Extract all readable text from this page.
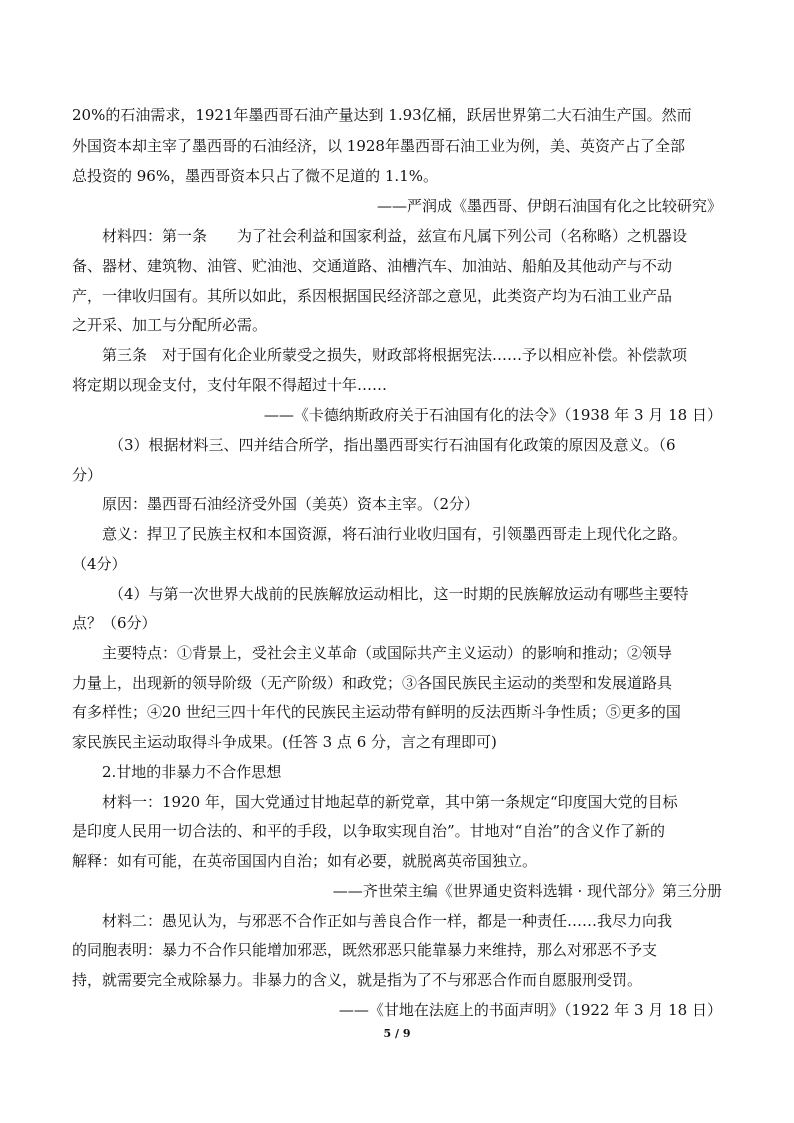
20%的石油需求，1921年墨西哥石油产量达到 1.93亿桶，跃居世界第二大石油生产国。然而
外国资本却主宰了墨西哥的石油经济，以 1928年墨西哥石油工业为例，美、英资产占了全部
总投资的 96%，墨西哥资本只占了微不足道的 1.1%。
——严润成《墨西哥、伊朗石油国有化之比较研究》
材料四：第一条　　为了社会利益和国家利益，兹宣布凡属下列公司（名称略）之机器设
备、器材、建筑物、油管、贮油池、交通道路、油槽汽车、加油站、船舶及其他动产与不动
产，一律收归国有。其所以如此，系因根据国民经济部之意见，此类资产均为石油工业产品
之开采、加工与分配所必需。
第三条　对于国有化企业所蒙受之损失，财政部将根据宪法……予以相应补偿。补偿款项
将定期以现金支付，支付年限不得超过十年……
——《卡德纳斯政府关于石油国有化的法令》（1938 年 3 月 18 日）
（3）根据材料三、四并结合所学，指出墨西哥实行石油国有化政策的原因及意义。（6
分）
原因：墨西哥石油经济受外国（美英）资本主宰。（2分）
意义：捍卫了民族主权和本国资源，将石油行业收归国有，引领墨西哥走上现代化之路。
（4分）
（4）与第一次世界大战前的民族解放运动相比，这一时期的民族解放运动有哪些主要特
点？（6分）
主要特点：①背景上，受社会主义革命（或国际共产主义运动）的影响和推动；②领导
力量上，出现新的领导阶级（无产阶级）和政党；③各国民族民主运动的类型和发展道路具
有多样性；④20 世纪三四十年代的民族民主运动带有鲜明的反法西斯斗争性质；⑤更多的国
家民族民主运动取得斗争成果。(任答 3 点 6 分，言之有理即可)
2.甘地的非暴力不合作思想
材料一：1920 年，国大党通过甘地起草的新党章，其中第一条规定“印度国大党的目标
是印度人民用一切合法的、和平的手段，以争取实现自治”。甘地对“自治”的含义作了新的
解释：如有可能，在英帝国国内自治；如有必要，就脱离英帝国独立。
——齐世荣主编《世界通史资料选辑 · 现代部分》第三分册
材料二：愚见认为，与邪恶不合作正如与善良合作一样，都是一种责任……我尽力向我
的同胞表明：暴力不合作只能增加邪恶，既然邪恶只能靠暴力来维持，那么对邪恶不予支
持，就需要完全戒除暴力。非暴力的含义，就是指为了不与邪恶合作而自愿服刑受罚。
——《甘地在法庭上的书面声明》（1922 年 3 月 18 日）
5 / 9
